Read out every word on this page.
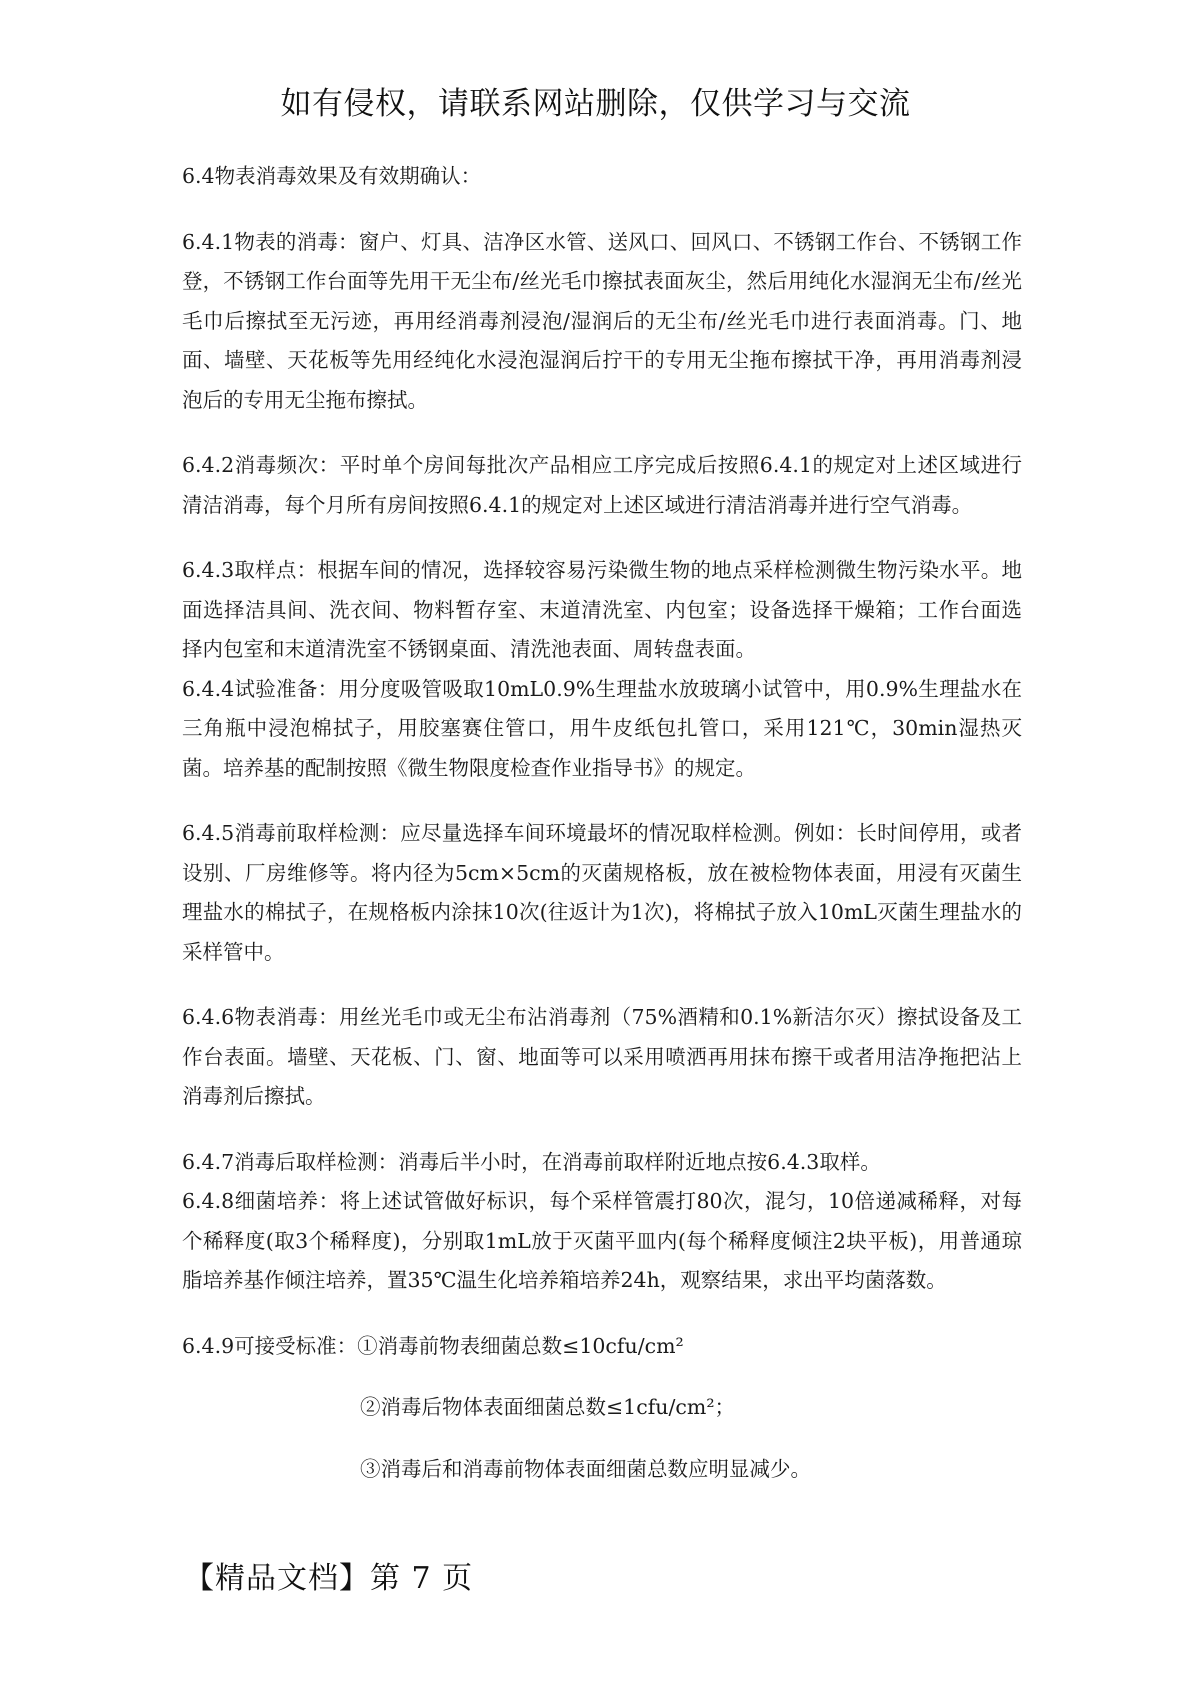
如有侵权，请联系网站删除，仅供学习与交流

6.4物表消毒效果及有效期确认：

6.4.1物表的消毒：窗户、灯具、洁净区水管、送风口、回风口、不锈钢工作台、不锈钢工作登，不锈钢工作台面等先用干无尘布/丝光毛巾擦拭表面灰尘，然后用纯化水湿润无尘布/丝光毛巾后擦拭至无污迹，再用经消毒剂浸泡/湿润后的无尘布/丝光毛巾进行表面消毒。门、地面、墙壁、天花板等先用经纯化水浸泡湿润后拧干的专用无尘拖布擦拭干净，再用消毒剂浸泡后的专用无尘拖布擦拭。

6.4.2消毒频次：平时单个房间每批次产品相应工序完成后按照6.4.1的规定对上述区域进行清洁消毒，每个月所有房间按照6.4.1的规定对上述区域进行清洁消毒并进行空气消毒。

6.4.3取样点：根据车间的情况，选择较容易污染微生物的地点采样检测微生物污染水平。地面选择洁具间、洗衣间、物料暂存室、末道清洗室、内包室；设备选择干燥箱；工作台面选择内包室和末道清洗室不锈钢桌面、清洗池表面、周转盘表面。

6.4.4试验准备：用分度吸管吸取10mL0.9%生理盐水放玻璃小试管中，用0.9%生理盐水在三角瓶中浸泡棉拭子，用胶塞赛住管口，用牛皮纸包扎管口，采用121℃，30min湿热灭菌。培养基的配制按照《微生物限度检查作业指导书》的规定。

6.4.5消毒前取样检测：应尽量选择车间环境最坏的情况取样检测。例如：长时间停用，或者设别、厂房维修等。将内径为5cm×5cm的灭菌规格板，放在被检物体表面，用浸有灭菌生理盐水的棉拭子，在规格板内涂抹10次(往返计为1次)，将棉拭子放入10mL灭菌生理盐水的采样管中。

6.4.6物表消毒：用丝光毛巾或无尘布沾消毒剂（75%酒精和0.1%新洁尔灭）擦拭设备及工作台表面。墙壁、天花板、门、窗、地面等可以采用喷洒再用抹布擦干或者用洁净拖把沾上消毒剂后擦拭。

6.4.7消毒后取样检测：消毒后半小时，在消毒前取样附近地点按6.4.3取样。

6.4.8细菌培养：将上述试管做好标识，每个采样管震打80次，混匀，10倍递减稀释，对每个稀释度(取3个稀释度)，分别取1mL放于灭菌平皿内(每个稀释度倾注2块平板)，用普通琼脂培养基作倾注培养，置35℃温生化培养箱培养24h，观察结果，求出平均菌落数。

6.4.9可接受标准：①消毒前物表细菌总数≤10cfu/cm²

②消毒后物体表面细菌总数≤1cfu/cm²；

③消毒后和消毒前物体表面细菌总数应明显减少。

【精品文档】第 7 页
